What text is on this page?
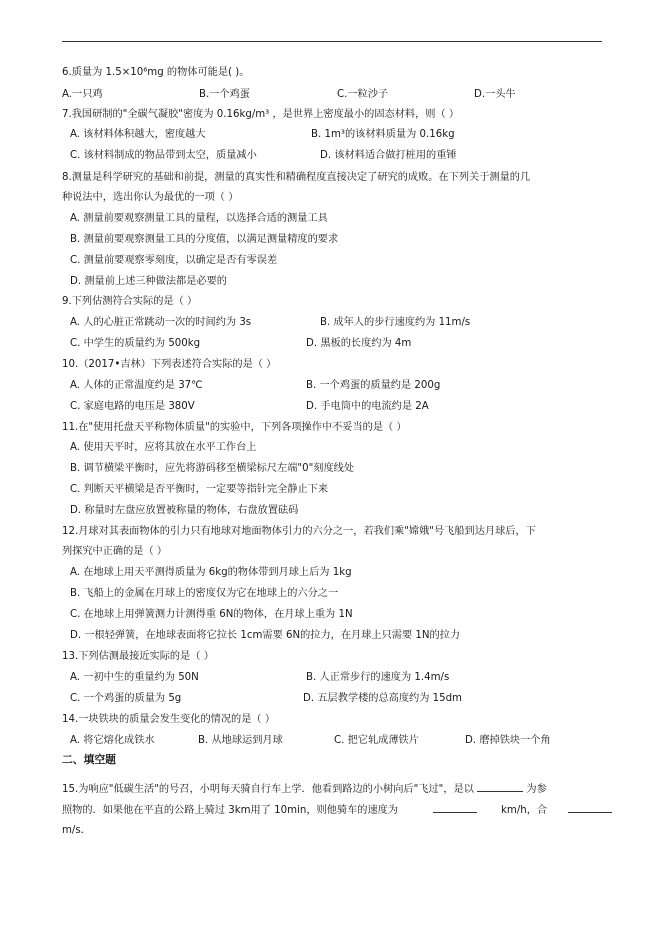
6.质量为 1.5×10⁶mg 的物体可能是( )。
A.一只鸡	B.一个鸡蛋	C.一粒沙子	D.一头牛
7.我国研制的"全碳气凝胶"密度为 0.16kg/m³ ，是世界上密度最小的固态材料，则（ ）
A. 该材料体积越大，密度越大	B. 1m³的该材料质量为 0.16kg
C. 该材料制成的物品带到太空，质量减小	D. 该材料适合做打桩用的重锤
8.测量是科学研究的基础和前提，测量的真实性和精确程度直接决定了研究的成败。在下列关于测量的几
种说法中，选出你认为最优的一项（ ）
A. 测量前要观察测量工具的量程，以选择合适的测量工具
B. 测量前要观察测量工具的分度值，以满足测量精度的要求
C. 测量前要观察零刻度，以确定是否有零误差
D. 测量前上述三种做法都是必要的
9.下列估测符合实际的是（ ）
A. 人的心脏正常跳动一次的时间约为 3s	B. 成年人的步行速度约为 11m/s
C. 中学生的质量约为 500kg	D. 黑板的长度约为 4m
10.（2017•吉林）下列表述符合实际的是（ ）
A. 人体的正常温度约是 37℃	B. 一个鸡蛋的质量约是 200g
C. 家庭电路的电压是 380V	D. 手电筒中的电流约是 2A
11.在"使用托盘天平称物体质量"的实验中，下列各项操作中不妥当的是（ ）
A. 使用天平时，应将其放在水平工作台上
B. 调节横梁平衡时，应先将游码移至横梁标尺左端"0"刻度线处
C. 判断天平横梁是否平衡时，一定要等指针完全静止下来
D. 称量时左盘应放置被称量的物体，右盘放置砝码
12.月球对其表面物体的引力只有地球对地面物体引力的六分之一，若我们乘"嫦娥"号飞船到达月球后，下
列探究中正确的是（ ）
A. 在地球上用天平测得质量为 6kg的物体带到月球上后为 1kg
B. 飞船上的金属在月球上的密度仅为它在地球上的六分之一
C. 在地球上用弹簧测力计测得重 6N的物体，在月球上重为 1N
D. 一根轻弹簧，在地球表面将它拉长 1cm需要 6N的拉力，在月球上只需要 1N的拉力
13.下列估测最接近实际的是（ ）
A. 一初中生的重量约为 50N	B. 人正常步行的速度为 1.4m/s
C. 一个鸡蛋的质量为 5g	D. 五层教学楼的总高度约为 15dm
14.一块铁块的质量会发生变化的情况的是（ ）
A. 将它熔化成铁水	B. 从地球运到月球	C. 把它轧成薄铁片	D. 磨掉铁块一个角
二、填空题
15.为响应"低碳生活"的号召，小明每天骑自行车上学．他看到路边的小树向后"飞过"，是以	为参
照物的．如果他在平直的公路上骑过 3km用了 10min，则他骑车的速度为	km/h，合
m/s．
